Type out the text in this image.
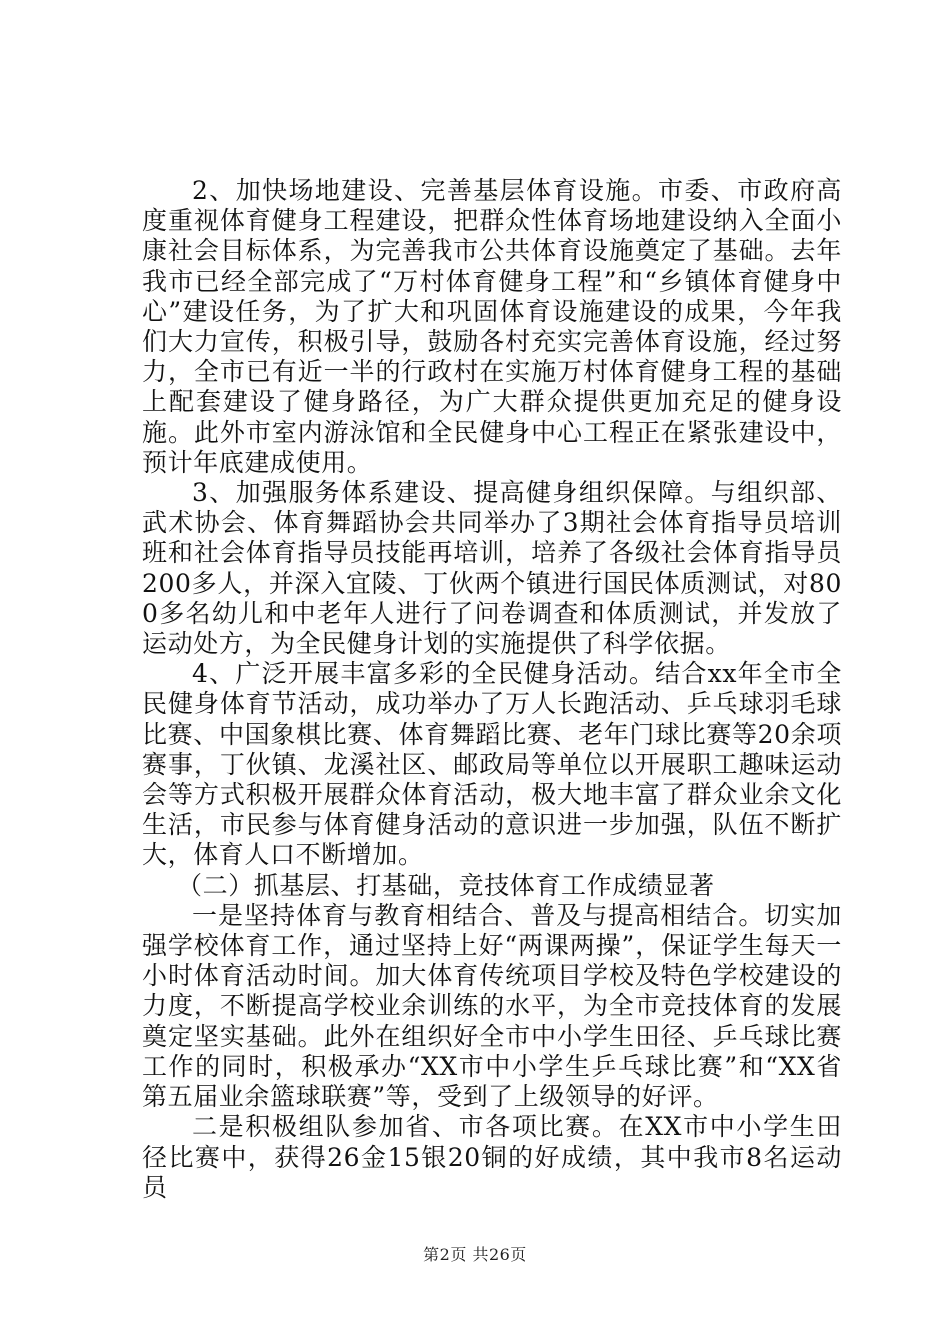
2、加快场地建设、完善基层体育设施。市委、市政府高度重视体育健身工程建设，把群众性体育场地建设纳入全面小康社会目标体系，为完善我市公共体育设施奠定了基础。去年我市已经全部完成了“万村体育健身工程”和“乡镇体育健身中心”建设任务，为了扩大和巩固体育设施建设的成果，今年我们大力宣传，积极引导，鼓励各村充实完善体育设施，经过努力，全市已有近一半的行政村在实施万村体育健身工程的基础上配套建设了健身路径，为广大群众提供更加充足的健身设施。此外市室内游泳馆和全民健身中心工程正在紧张建设中，预计年底建成使用。

3、加强服务体系建设、提高健身组织保障。与组织部、武术协会、体育舞蹈协会共同举办了3期社会体育指导员培训班和社会体育指导员技能再培训，培养了各级社会体育指导员200多人，并深入宜陵、丁伙两个镇进行国民体质测试，对800多名幼儿和中老年人进行了问卷调查和体质测试，并发放了运动处方，为全民健身计划的实施提供了科学依据。

4、广泛开展丰富多彩的全民健身活动。结合xx年全市全民健身体育节活动，成功举办了万人长跑活动、乒乓球羽毛球比赛、中国象棋比赛、体育舞蹈比赛、老年门球比赛等20余项赛事，丁伙镇、龙溪社区、邮政局等单位以开展职工趣味运动会等方式积极开展群众体育活动，极大地丰富了群众业余文化生活，市民参与体育健身活动的意识进一步加强，队伍不断扩大，体育人口不断增加。

（二）抓基层、打基础，竞技体育工作成绩显著

一是坚持体育与教育相结合、普及与提高相结合。切实加强学校体育工作，通过坚持上好“两课两操”，保证学生每天一小时体育活动时间。加大体育传统项目学校及特色学校建设的力度，不断提高学校业余训练的水平，为全市竞技体育的发展奠定坚实基础。此外在组织好全市中小学生田径、乒乓球比赛工作的同时，积极承办“XX市中小学生乒乓球比赛”和“XX省第五届业余篮球联赛”等，受到了上级领导的好评。

二是积极组队参加省、市各项比赛。在XX市中小学生田径比赛中，获得26金15银20铜的好成绩，其中我市8名运动员

第2页 共26页
